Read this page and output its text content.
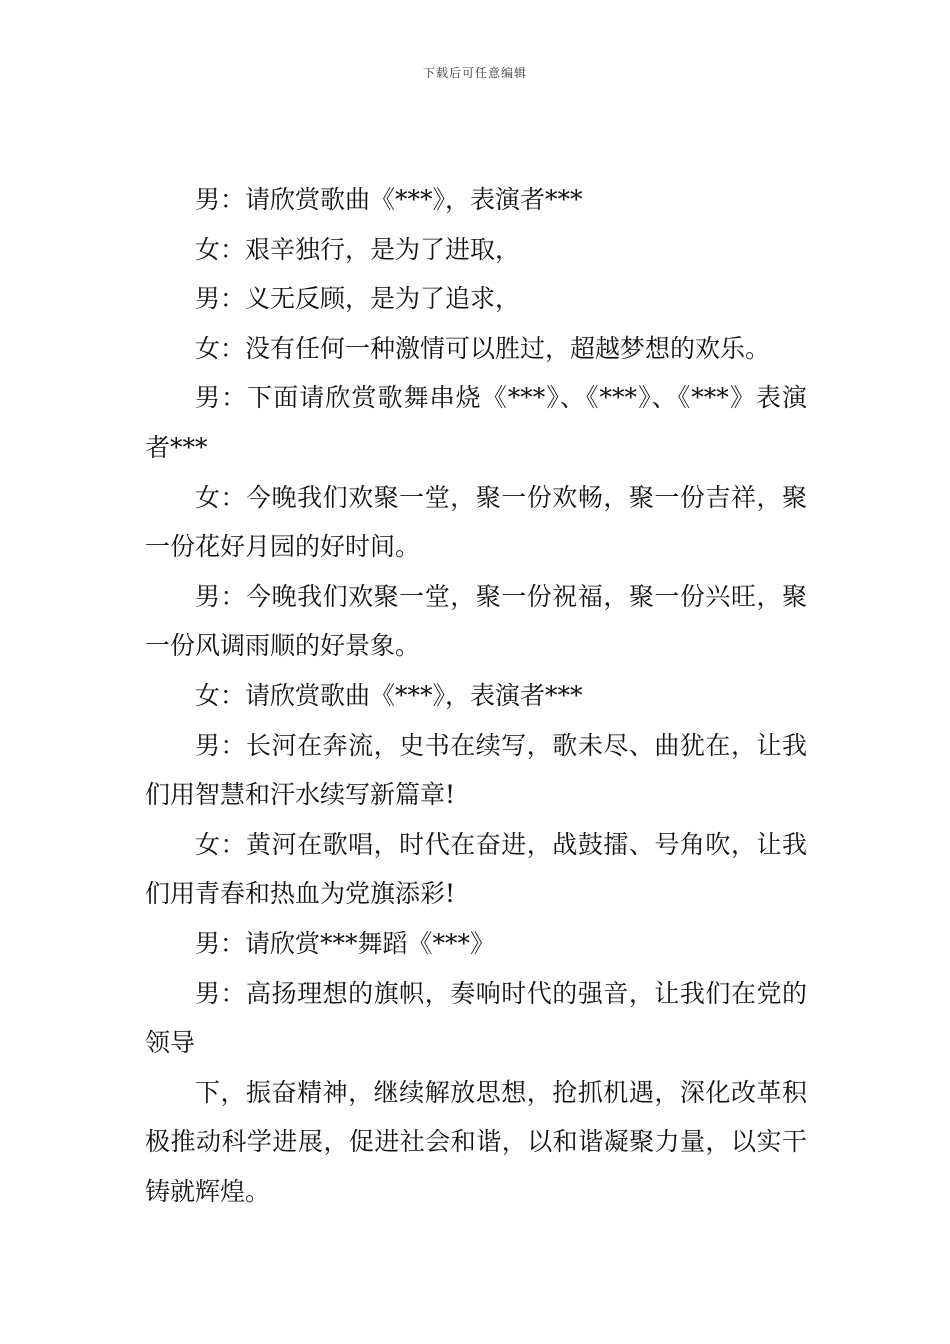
下载后可任意编辑

男：请欣赏歌曲《***》，表演者***

女：艰辛独行，是为了进取，

男：义无反顾，是为了追求，

女：没有任何一种激情可以胜过，超越梦想的欢乐。

男：下面请欣赏歌舞串烧《***》、《***》、《***》表演者***

女：今晚我们欢聚一堂，聚一份欢畅，聚一份吉祥，聚一份花好月园的好时间。

男：今晚我们欢聚一堂，聚一份祝福，聚一份兴旺，聚一份风调雨顺的好景象。

女：请欣赏歌曲《***》，表演者***

男：长河在奔流，史书在续写，歌未尽、曲犹在，让我们用智慧和汗水续写新篇章!

女：黄河在歌唱，时代在奋进，战鼓擂、号角吹，让我们用青春和热血为党旗添彩!

男：请欣赏***舞蹈《***》

男：高扬理想的旗帜，奏响时代的强音，让我们在党的领导

下，振奋精神，继续解放思想，抢抓机遇，深化改革积极推动科学进展，促进社会和谐，以和谐凝聚力量，以实干铸就辉煌。
